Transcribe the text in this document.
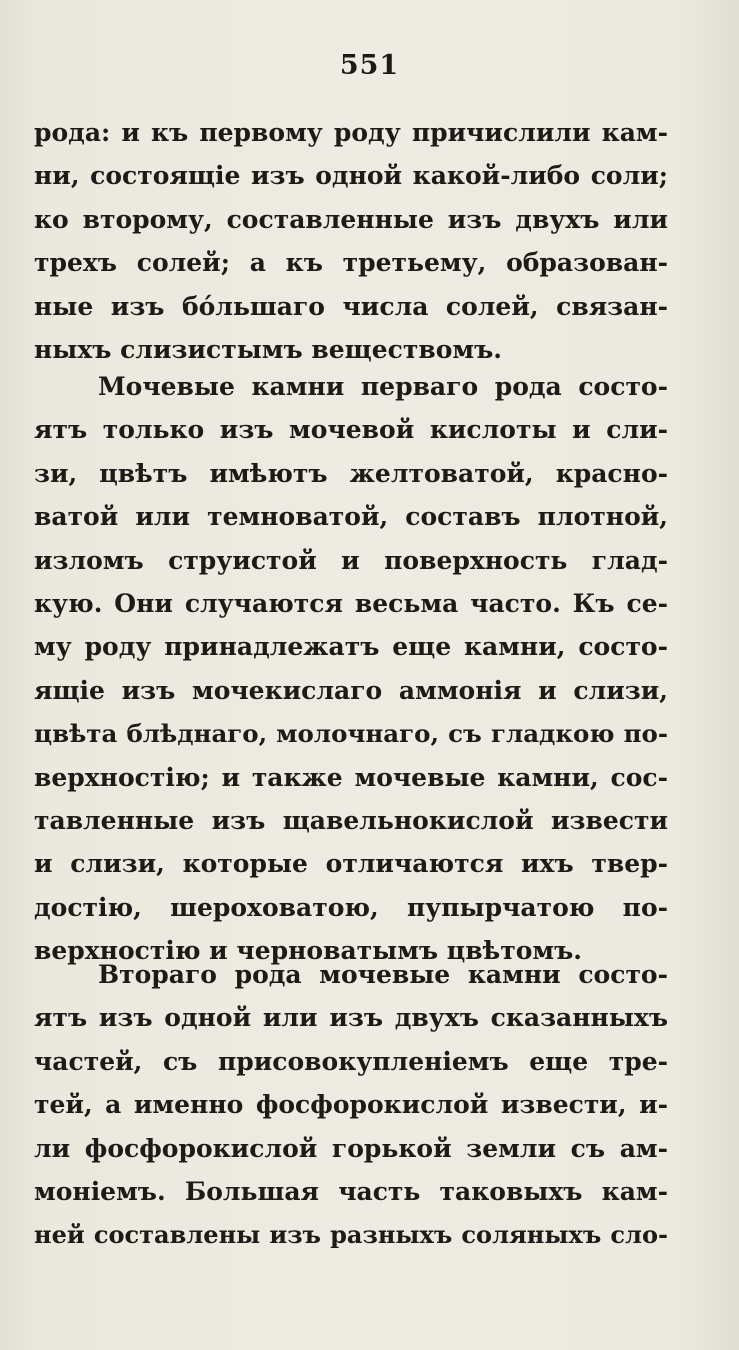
551
рода: и къ первому роду причислили кам-
ни, состоящіе изъ одной какой-либо соли;
ко второму, составленные изъ двухъ или
трехъ солей; а къ третьему, образован-
ные изъ бо́льшаго числа солей, связан-
ныхъ слизистымъ веществомъ.
Мочевые камни перваго рода состо-
ятъ только изъ мочевой кислоты и сли-
зи, цвѣтъ имѣютъ желтоватой, красно-
ватой или темноватой, составъ плотной,
изломъ струистой и поверхность глад-
кую. Они случаются весьма часто. Къ се-
му роду принадлежатъ еще камни, состо-
ящіе изъ мочекислаго аммонія и слизи,
цвѣта блѣднаго, молочнаго, съ гладкою по-
верхностію; и также мочевые камни, сос-
тавленные изъ щавельнокислой извести
и слизи, которые отличаются ихъ твер-
достію, шероховатою, пупырчатою по-
верхностію и черноватымъ цвѣтомъ.
Втораго рода мочевые камни состо-
ятъ изъ одной или изъ двухъ сказанныхъ
частей, съ присовокупленіемъ еще тре-
тей, а именно фосфорокислой извести, и-
ли фосфорокислой горькой земли съ ам-
моніемъ. Большая часть таковыхъ кам-
ней составлены изъ разныхъ соляныхъ сло-
